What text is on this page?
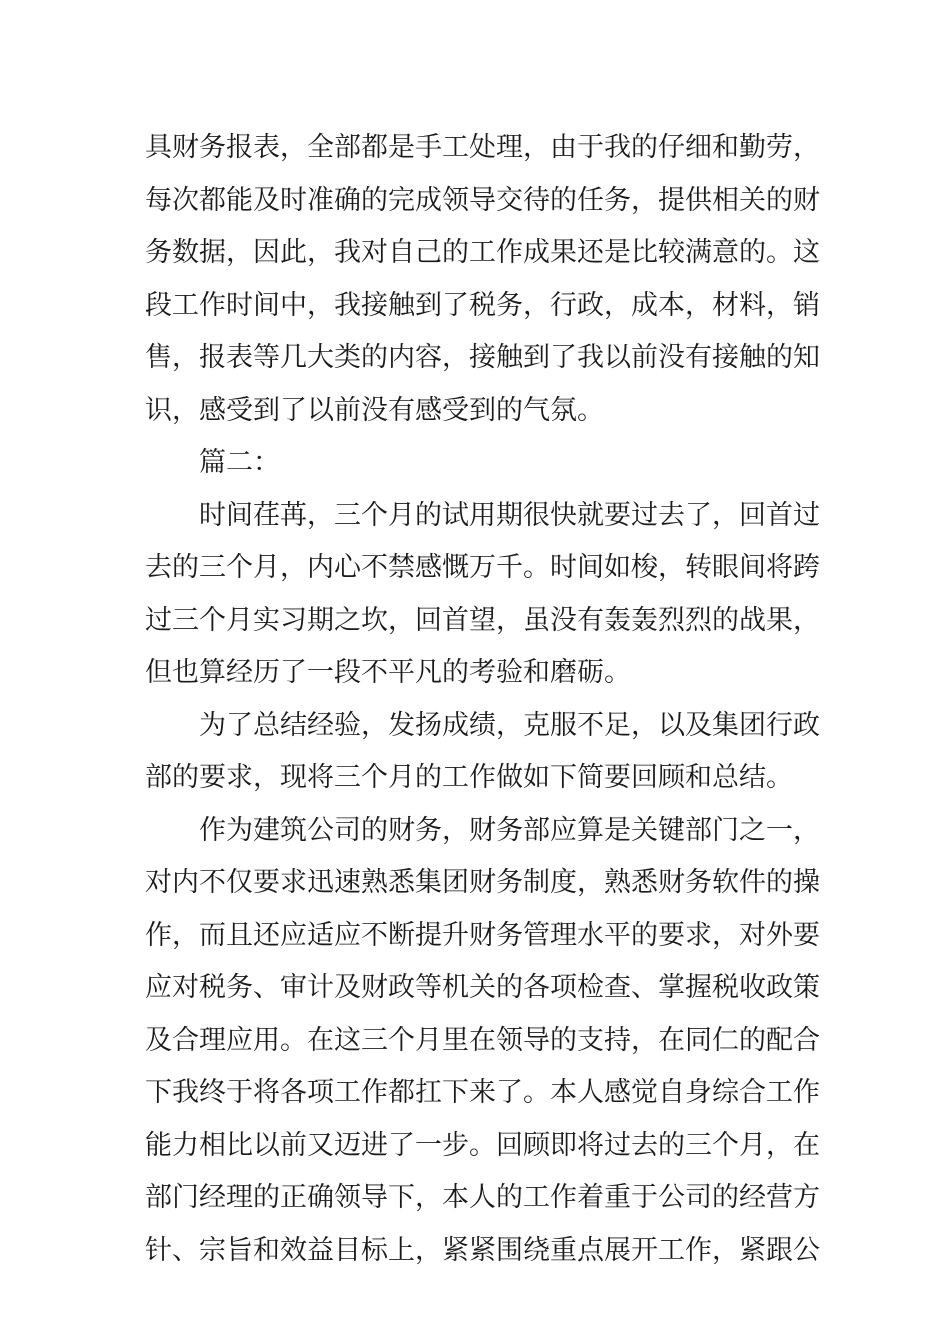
具财务报表，全部都是手工处理，由于我的仔细和勤劳，
每次都能及时准确的完成领导交待的任务，提供相关的财
务数据，因此，我对自己的工作成果还是比较满意的。这
段工作时间中，我接触到了税务，行政，成本，材料，销
售，报表等几大类的内容，接触到了我以前没有接触的知
识，感受到了以前没有感受到的气氛。
篇二：
时间荏苒，三个月的试用期很快就要过去了，回首过
去的三个月，内心不禁感慨万千。时间如梭，转眼间将跨
过三个月实习期之坎，回首望，虽没有轰轰烈烈的战果，
但也算经历了一段不平凡的考验和磨砺。
为了总结经验，发扬成绩，克服不足，以及集团行政
部的要求，现将三个月的工作做如下简要回顾和总结。
作为建筑公司的财务，财务部应算是关键部门之一，
对内不仅要求迅速熟悉集团财务制度，熟悉财务软件的操
作，而且还应适应不断提升财务管理水平的要求，对外要
应对税务、审计及财政等机关的各项检查、掌握税收政策
及合理应用。在这三个月里在领导的支持，在同仁的配合
下我终于将各项工作都扛下来了。本人感觉自身综合工作
能力相比以前又迈进了一步。回顾即将过去的三个月，在
部门经理的正确领导下，本人的工作着重于公司的经营方
针、宗旨和效益目标上，紧紧围绕重点展开工作，紧跟公
